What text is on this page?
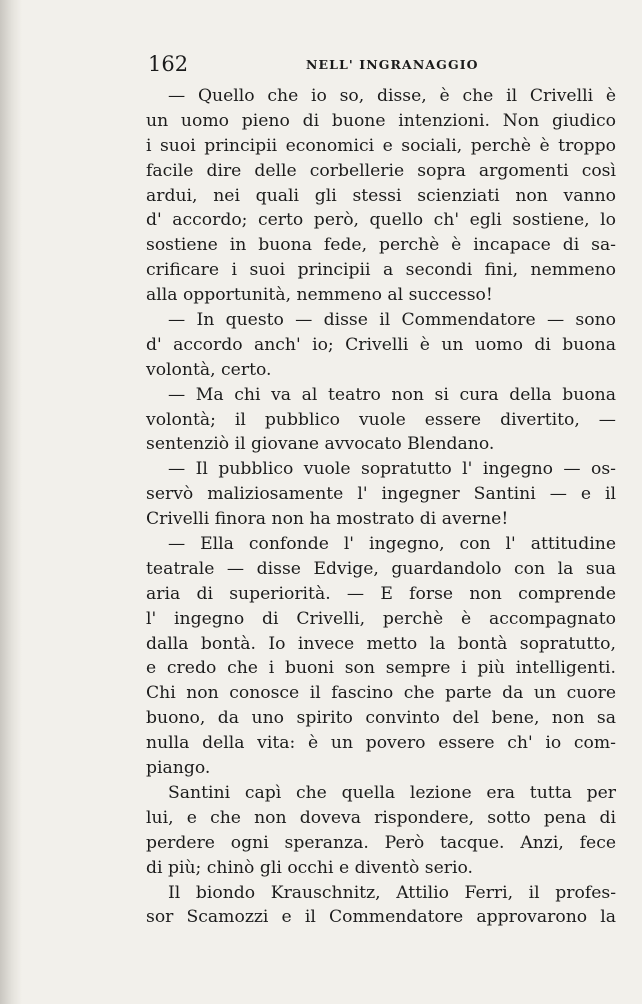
162	NELL' INGRANAGGIO
— Quello che io so, disse, è che il Crivelli è
un uomo pieno di buone intenzioni. Non giudico
i suoi principii economici e sociali, perchè è troppo
facile dire delle corbellerie sopra argomenti così
ardui, nei quali gli stessi scienziati non vanno
d' accordo; certo però, quello ch' egli sostiene, lo
sostiene in buona fede, perchè è incapace di sa-
crificare i suoi principii a secondi fini, nemmeno
alla opportunità, nemmeno al successo!
— In questo — disse il Commendatore — sono
d' accordo anch' io; Crivelli è un uomo di buona
volontà, certo.
— Ma chi va al teatro non si cura della buona
volontà; il pubblico vuole essere divertito, —
sentenziò il giovane avvocato Blendano.
— Il pubblico vuole sopratutto l' ingegno — os-
servò maliziosamente l' ingegner Santini — e il
Crivelli finora non ha mostrato di averne!
— Ella confonde l' ingegno, con l' attitudine
teatrale — disse Edvige, guardandolo con la sua
aria di superiorità. — E forse non comprende
l' ingegno di Crivelli, perchè è accompagnato
dalla bontà. Io invece metto la bontà sopratutto,
e credo che i buoni son sempre i più intelligenti.
Chi non conosce il fascino che parte da un cuore
buono, da uno spirito convinto del bene, non sa
nulla della vita: è un povero essere ch' io com-
piango.
Santini capì che quella lezione era tutta per
lui, e che non doveva rispondere, sotto pena di
perdere ogni speranza. Però tacque. Anzi, fece
di più; chinò gli occhi e diventò serio.
Il biondo Krauschnitz, Attilio Ferri, il profes-
sor Scamozzi e il Commendatore approvarono la
